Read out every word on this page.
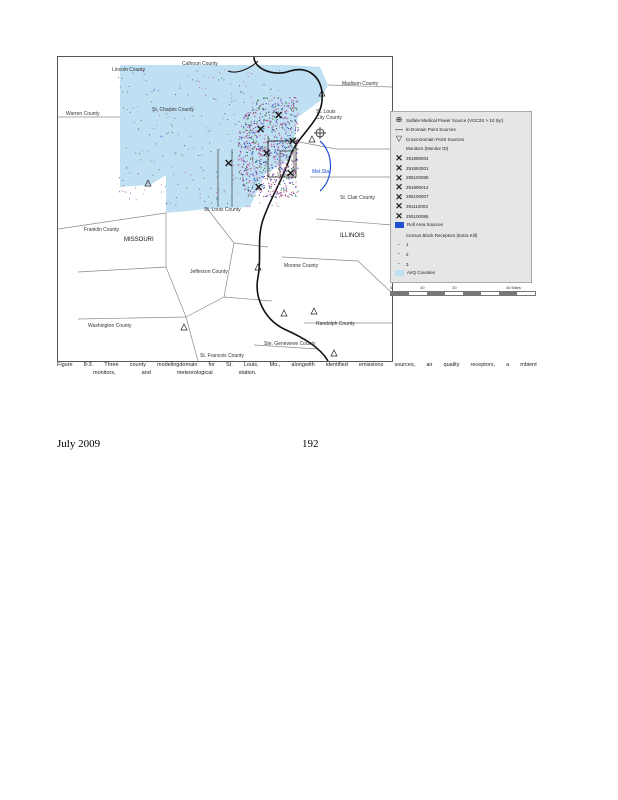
✕
✕
✕
✕
✕
✕
✕
Calhoun County
Lincoln County
Madison County
Warren County
St. Charles County	St. Louis
City County
Franklin County
MISSOURI
St. Louis County
St. Clair County
ILLINOIS
Jefferson County
Monroe County
Washington County	Randolph County
Ste. Genevieve County
St. Francois County
Met.Sta.
⊕ Sulfate Medical Power Source (VOC2S > 10 t/yr)
— ln-Domain Point Sources
▽ Cross-Domain Point Sources
Monitors (Monitor ID)
✕ 291890004
✕ 291893001
✕ 295100085
✕ 291890014
✕ 295100007
✕ 291110003
✕ 295100086
Roll Area Sources
Census Block Receptors (Extra Kill)
·	1
·	2
·	3
AirQ Counties
0	10	20	40 Miles
Figure 8-3. Three county modelingdomain for St. Louis, Mo., alongwith identified emissions sources, air quality receptors, a mbient
monitors,	and	meteorological	station.
July 2009	192
